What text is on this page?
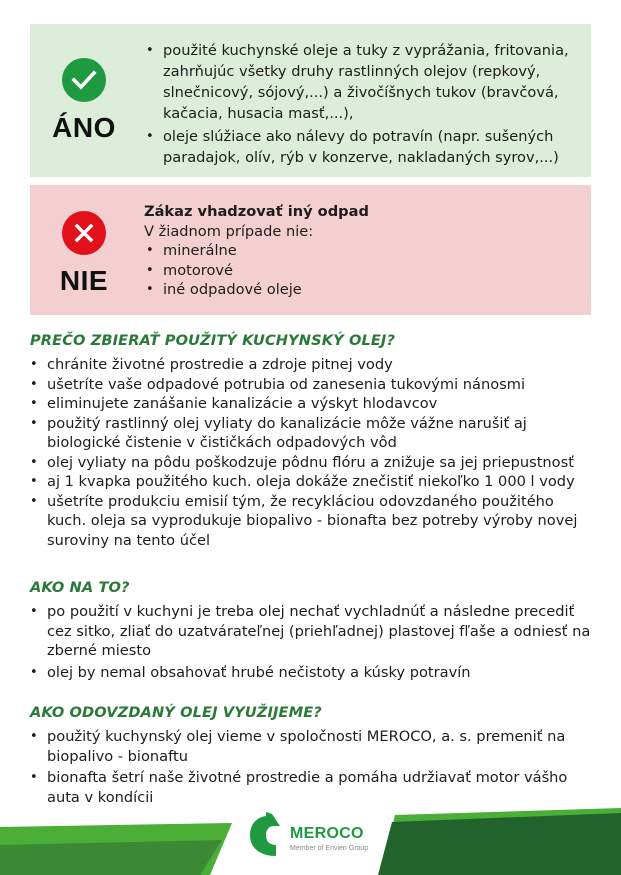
ÁNO
• použité kuchynské oleje a tuky z vyprážania, fritovania, zahrňujúc všetky druhy rastlinných olejov (repkový, slnečnicový, sójový,...) a živočíšnych tukov (bravčová, kačacia, husacia masť,...),
• oleje slúžiace ako nálevy do potravín (napr. sušených paradajok, olív, rýb v konzerve, nakladaných syrov,...)
NIE
Zákaz vhadzovať iný odpad
V žiadnom prípade nie:
• minerálne
• motorové
• iné odpadové oleje
PREČO ZBIERAŤ POUŽITÝ KUCHYNSKÝ OLEJ?
• chránite životné prostredie a zdroje pitnej vody
• ušetríte vaše odpadové potrubia od zanesenia tukovými nánosmi
• eliminujete zanášanie kanalizácie a výskyt hlodavcov
• použitý rastlinný olej vyliaty do kanalizácie môže vážne narušiť aj biologické čistenie v čističkách odpadových vôd
• olej vyliaty na pôdu poškodzuje pôdnu flóru a znižuje sa jej priepustnosť
• aj 1 kvapka použitého kuch. oleja dokáže znečistiť niekoľko 1 000 l vody
• ušetríte produkciu emisií tým, že recykláciou odovzdaného použitého kuch. oleja sa vyprodukuje biopalivo - bionafta bez potreby výroby novej suroviny na tento účel
AKO NA TO?
• po použití v kuchyni je treba olej nechať vychladnúť a následne precediť cez sitko, zliať do uzatvárateľnej (priehľadnej) plastovej fľaše a odniesť na zberné miesto
• olej by nemal obsahovať hrubé nečistoty a kúsky potravín
AKO ODOVZDANÝ OLEJ VYUŽIJEME?
• použitý kuchynský olej vieme v spoločnosti MEROCO, a. s. premeniť na biopalivo - bionaftu
• bionafta šetrí naše životné prostredie a pomáha udržiavať motor vášho auta v kondícii
MEROCO
Member of Envien Group
